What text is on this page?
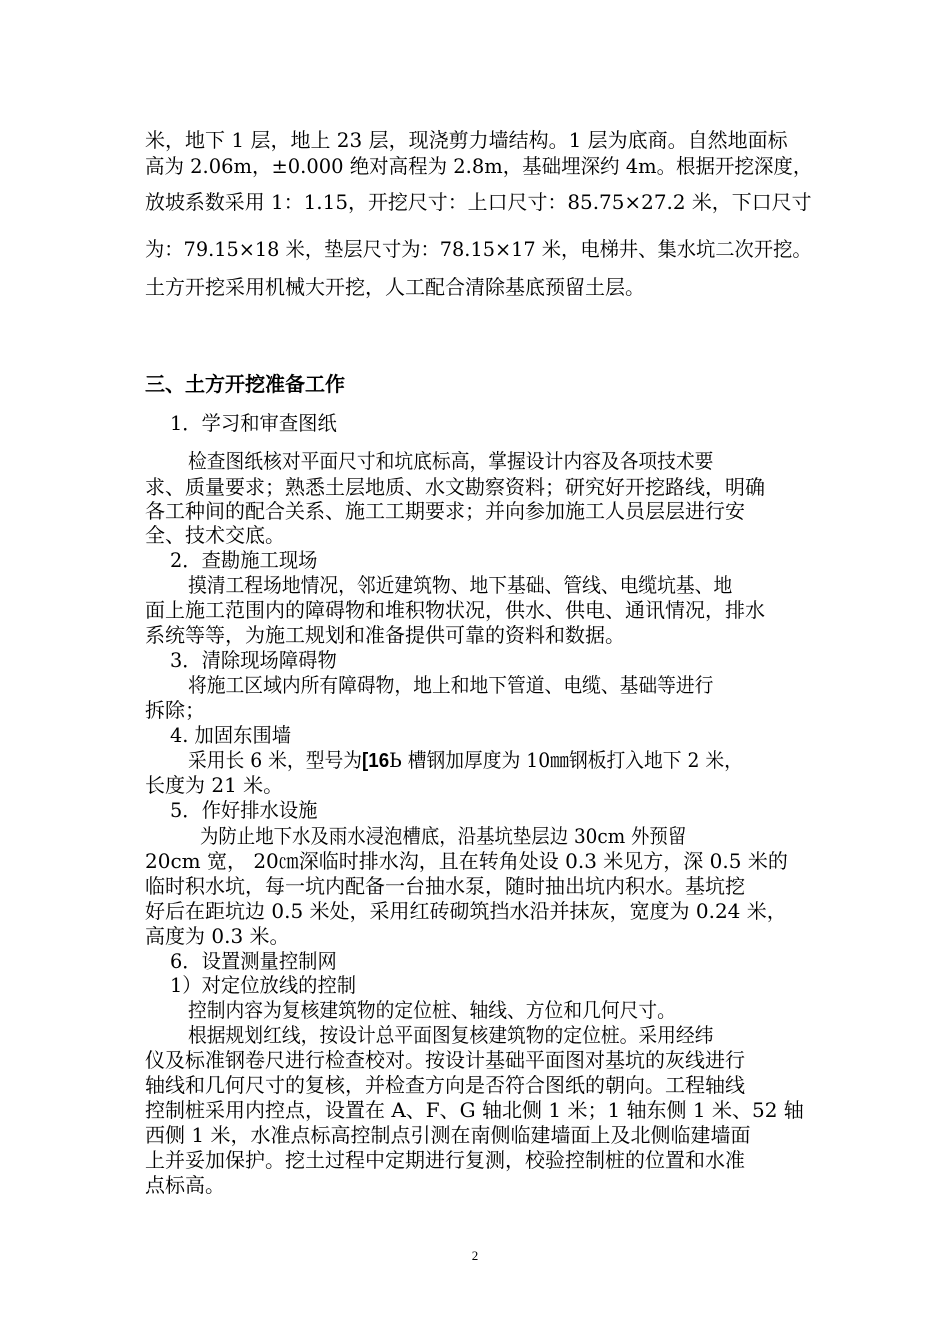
米，地下 1 层，地上 23 层，现浇剪力墙结构。1 层为底商。自然地面标
高为 2.06m，±0.000 绝对高程为 2.8m，基础埋深约 4m。根据开挖深度，
放坡系数采用 1：1.15，开挖尺寸：上口尺寸：85.75×27.2 米，下口尺寸
为：79.15×18 米，垫层尺寸为：78.15×17 米，电梯井、集水坑二次开挖。
土方开挖采用机械大开挖，人工配合清除基底预留土层。
三、土方开挖准备工作
1．学习和审查图纸
检查图纸核对平面尺寸和坑底标高，掌握设计内容及各项技术要
求、质量要求；熟悉土层地质、水文勘察资料；研究好开挖路线，明确
各工种间的配合关系、施工工期要求；并向参加施工人员层层进行安
全、技术交底。
2．查勘施工现场
摸清工程场地情况，邻近建筑物、地下基础、管线、电缆坑基、地
面上施工范围内的障碍物和堆积物状况，供水、供电、通讯情况，排水
系统等等，为施工规划和准备提供可靠的资料和数据。
3．清除现场障碍物
将施工区域内所有障碍物，地上和地下管道、电缆、基础等进行
拆除；
4. 加固东围墙
采用长 6 米，型号为[16Ь 槽钢加厚度为 10㎜钢板打入地下 2 米，
长度为 21 米。
5．作好排水设施
为防止地下水及雨水浸泡槽底，沿基坑垫层边 30cm 外预留
20cm 宽， 20㎝深临时排水沟，且在转角处设 0.3 米见方，深 0.5 米的
临时积水坑，每一坑内配备一台抽水泵，随时抽出坑内积水。基坑挖
好后在距坑边 0.5 米处，采用红砖砌筑挡水沿并抹灰，宽度为 0.24 米，
高度为 0.3 米。
6．设置测量控制网
1）对定位放线的控制
控制内容为复核建筑物的定位桩、轴线、方位和几何尺寸。
根据规划红线，按设计总平面图复核建筑物的定位桩。采用经纬
仪及标准钢卷尺进行检查校对。按设计基础平面图对基坑的灰线进行
轴线和几何尺寸的复核，并检查方向是否符合图纸的朝向。工程轴线
控制桩采用内控点，设置在 A、F、G 轴北侧 1 米；1 轴东侧 1 米、52 轴
西侧 1 米，水准点标高控制点引测在南侧临建墙面上及北侧临建墙面
上并妥加保护。挖土过程中定期进行复测，校验控制桩的位置和水准
点标高。
2
